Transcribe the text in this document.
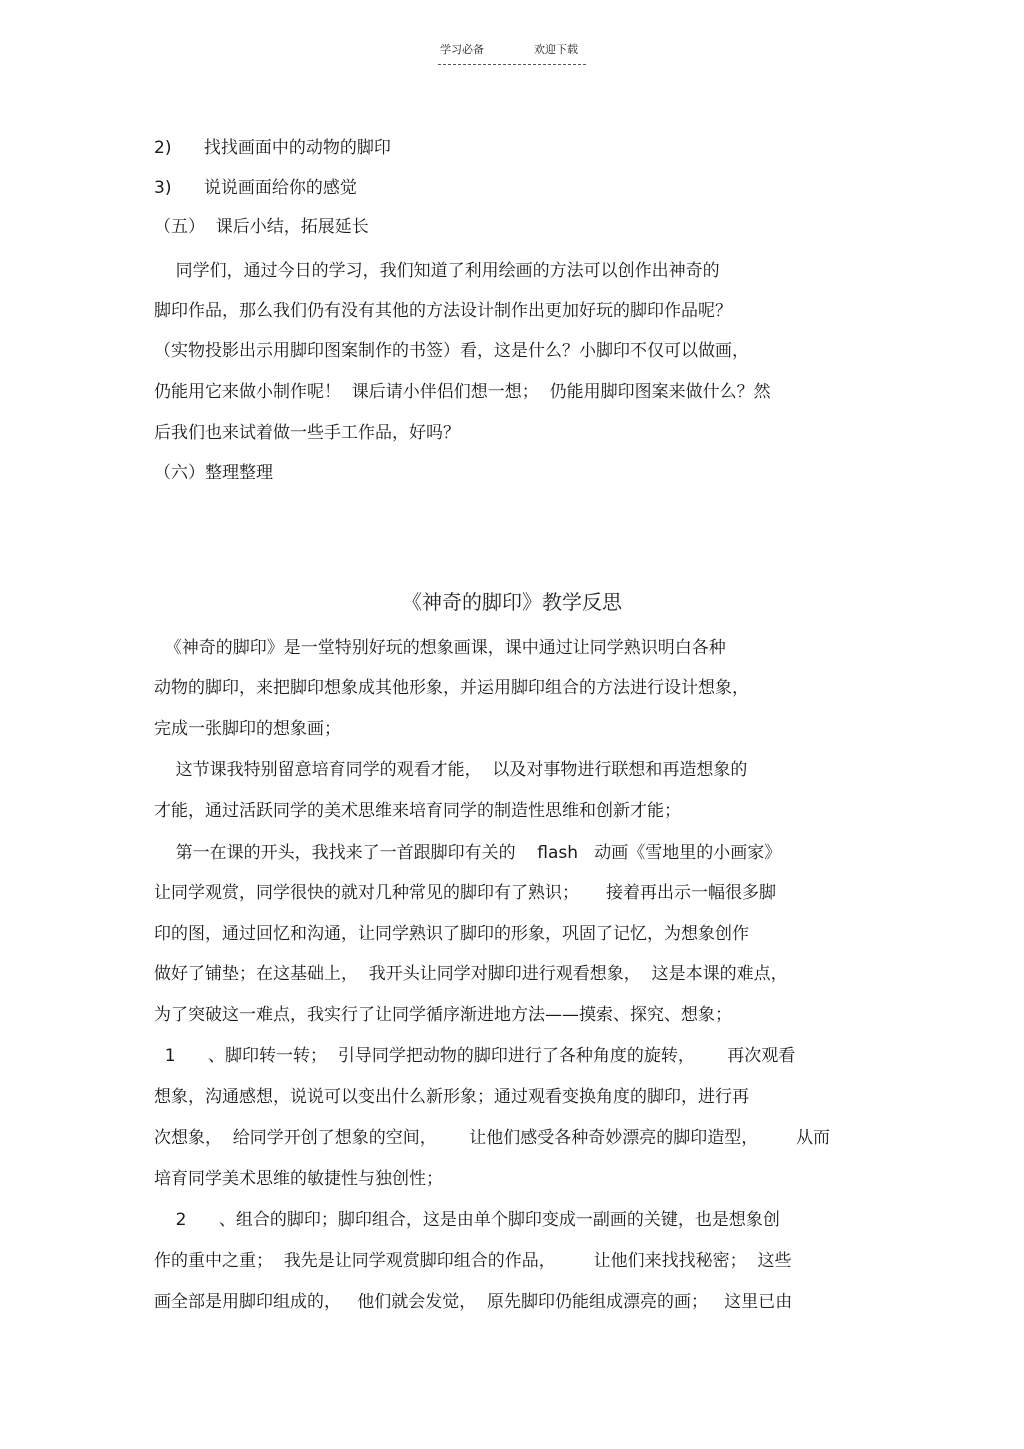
学习必备	欢迎下载
2)      找找画面中的动物的脚印
3)      说说画面给你的感觉
（五）  课后小结，拓展延长
同学们，通过今日的学习，我们知道了利用绘画的方法可以创作出神奇的
脚印作品，那么我们仍有没有其他的方法设计制作出更加好玩的脚印作品呢？
（实物投影出示用脚印图案制作的书签）看，这是什么？小脚印不仅可以做画，
仍能用它来做小制作呢！  课后请小伴侣们想一想；  仍能用脚印图案来做什么？然
后我们也来试着做一些手工作品，好吗？
（六）整理整理
《神奇的脚印》教学反思
《神奇的脚印》是一堂特别好玩的想象画课，课中通过让同学熟识明白各种
动物的脚印，来把脚印想象成其他形象，并运用脚印组合的方法进行设计想象，
完成一张脚印的想象画；
这节课我特别留意培育同学的观看才能，  以及对事物进行联想和再造想象的
才能，通过活跃同学的美术思维来培育同学的制造性思维和创新才能；
第一在课的开头，我找来了一首跟脚印有关的    flash   动画《雪地里的小画家》
让同学观赏，同学很快的就对几种常见的脚印有了熟识；     接着再出示一幅很多脚
印的图，通过回忆和沟通，让同学熟识了脚印的形象，巩固了记忆，为想象创作
做好了铺垫；在这基础上，  我开头让同学对脚印进行观看想象，  这是本课的难点，
为了突破这一难点，我实行了让同学循序渐进地方法——摸索、探究、想象；
1      、脚印转一转；  引导同学把动物的脚印进行了各种角度的旋转，      再次观看
想象，沟通感想，说说可以变出什么新形象；通过观看变换角度的脚印，进行再
次想象，  给同学开创了想象的空间，      让他们感受各种奇妙漂亮的脚印造型，       从而
培育同学美术思维的敏捷性与独创性；
2      、组合的脚印；脚印组合，这是由单个脚印变成一副画的关键，也是想象创
作的重中之重；  我先是让同学观赏脚印组合的作品，       让他们来找找秘密；  这些
画全部是用脚印组成的，   他们就会发觉，  原先脚印仍能组成漂亮的画；   这里已由
